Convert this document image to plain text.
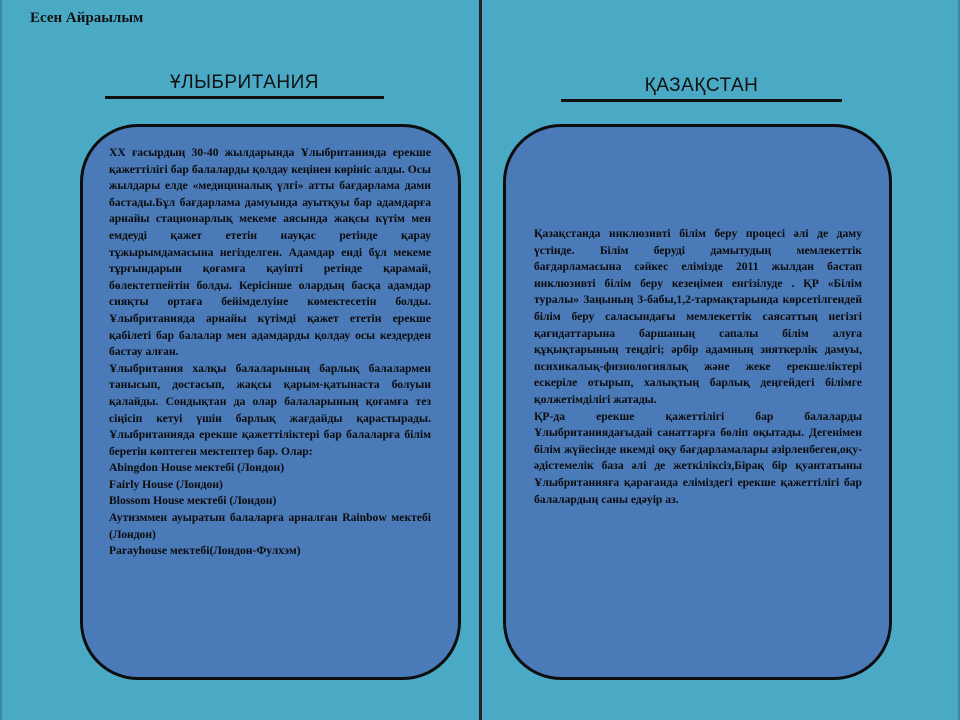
Есен Айраылым
ҰЛЫБРИТАНИЯ	ҚАЗАҚСТАН

XX ғасырдың 30-40 жылдарында Ұлыбританияда ерекше қажеттілігі бар балаларды қолдау кеңінен көрініс алды. Осы жылдары елде «медициналық үлгі» атты бағдарлама дами бастады.Бұл бағдарлама дамуында ауытқуы бар адамдарға арнайы стационарлық мекеме аясында жақсы күтім мен емдеуді қажет ететін науқас ретінде қарау тұжырымдамасына негізделген. Адамдар енді бұл мекеме тұрғындарын қоғамға қауіпті ретінде қарамай, бөлектетпейтін болды. Керісінше олардың басқа адамдар сияқты ортаға бейімделуіне көмектесетін болды. Ұлыбританияда арнайы күтімді қажет ететін ерекше қабілеті бар балалар мен адамдарды қолдау осы кездерден бастау алған.

Ұлыбритания халқы балаларының барлық балалармен танысып, достасып, жақсы қарым-қатынаста болуын қалайды. Сондықтан да олар балаларының қоғамға тез сіңісіп кетуі үшін барлық жағдайды қарастырады. Ұлыбританияда ерекше қажеттіліктері бар балаларға білім беретін көптеген мектептер бар. Олар:

Abingdon House мектебі (Лондон)

Fairly House (Лондон)

Blossom House мектебі (Лондон)

Аутизммен ауыратын балаларға арналған Rainbow мектебі (Лондон)

Parayhouse мектебі(Лондон-Фулхэм)

Қазақстанда инклюзивті білім беру процесі әлі де даму үстінде. Білім беруді дамытудың мемлекеттік бағдарламасына сәйкес елімізде 2011 жылдан бастап инклюзивті білім беру кезеңімен енгізілуде . ҚР «Білім туралы» Заңының 3-бабы,1,2-тармақтарында көрсетілгендей білім беру саласындағы мемлекеттік саясаттың негізгі қағидаттарына баршаның сапалы білім алуға құқықтарының теңдігі; әрбір адамның зияткерлік дамуы, психикалық-физиологиялық және жеке ерекшеліктері ескеріле отырып, халықтың барлық деңгейдегі білімге қолжетімділігі жатады.

ҚР-да ерекше қажеттілігі бар балаларды Ұлыбританиядағыдай санаттарға бөліп оқытады. Дегенімен білім жүйесінде икемді оқу бағдарламалары әзірленбеген,оқу-әдістемелік база әлі де жеткіліксіз,Бірақ бір қуантатыны Ұлыбританияға қарағанда еліміздегі ерекше қажеттілігі бар балалардың саны едәуір аз.
